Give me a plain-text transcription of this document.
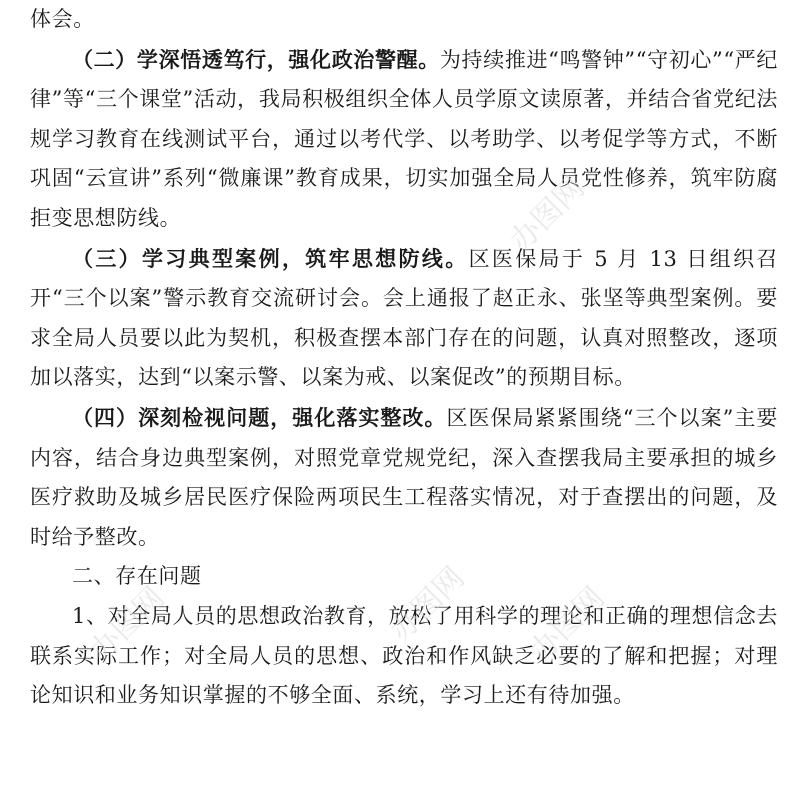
体会。

（二）学深悟透笃行，强化政治警醒。为持续推进“鸣警钟”“守初心”“严纪律”等“三个课堂”活动，我局积极组织全体人员学原文读原著，并结合省党纪法规学习教育在线测试平台，通过以考代学、以考助学、以考促学等方式，不断巩固“云宣讲”系列“微廉课”教育成果，切实加强全局人员党性修养，筑牢防腐拒变思想防线。

（三）学习典型案例，筑牢思想防线。区医保局于 5 月 13 日组织召开“三个以案”警示教育交流研讨会。会上通报了赵正永、张坚等典型案例。要求全局人员要以此为契机，积极查摆本部门存在的问题，认真对照整改，逐项加以落实，达到“以案示警、以案为戒、以案促改”的预期目标。

（四）深刻检视问题，强化落实整改。区医保局紧紧围绕“三个以案”主要内容，结合身边典型案例，对照党章党规党纪，深入查摆我局主要承担的城乡医疗救助及城乡居民医疗保险两项民生工程落实情况，对于查摆出的问题，及时给予整改。

二、存在问题

1、对全局人员的思想政治教育，放松了用科学的理论和正确的理想信念去联系实际工作；对全局人员的思想、政治和作风缺乏必要的了解和把握；对理论知识和业务知识掌握的不够全面、系统，学习上还有待加强。

办图网
办图网	办图网
办图网
